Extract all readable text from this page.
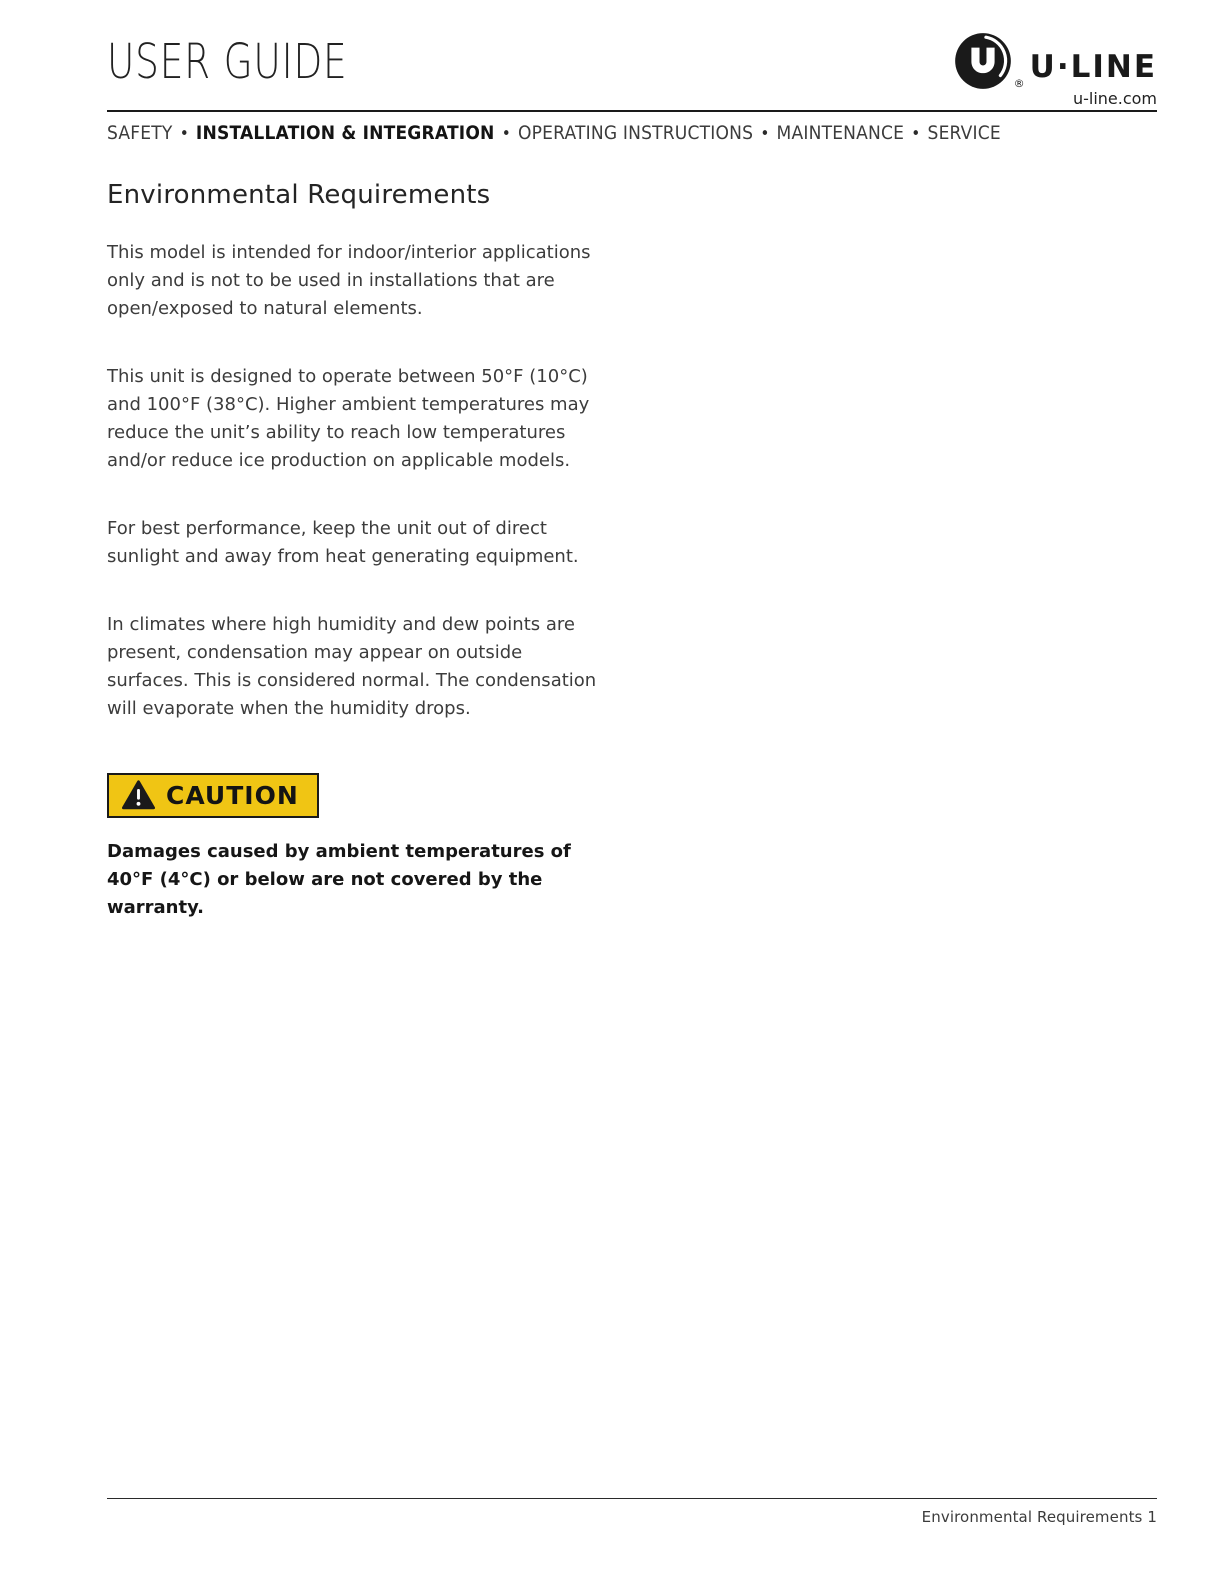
USER GUIDE	® U·LINE
u-line.com
SAFETY • INSTALLATION & INTEGRATION • OPERATING INSTRUCTIONS • MAINTENANCE • SERVICE
Environmental Requirements

This model is intended for indoor/interior applications only and is not to be used in installations that are open/exposed to natural elements.

This unit is designed to operate between 50°F (10°C) and 100°F (38°C). Higher ambient temperatures may reduce the unit’s ability to reach low temperatures and/or reduce ice production on applicable models.

For best performance, keep the unit out of direct sunlight and away from heat generating equipment.

In climates where high humidity and dew points are present, condensation may appear on outside surfaces. This is considered normal. The condensation will evaporate when the humidity drops.

CAUTION

Damages caused by ambient temperatures of 40°F (4°C) or below are not covered by the warranty.

Environmental Requirements 1
